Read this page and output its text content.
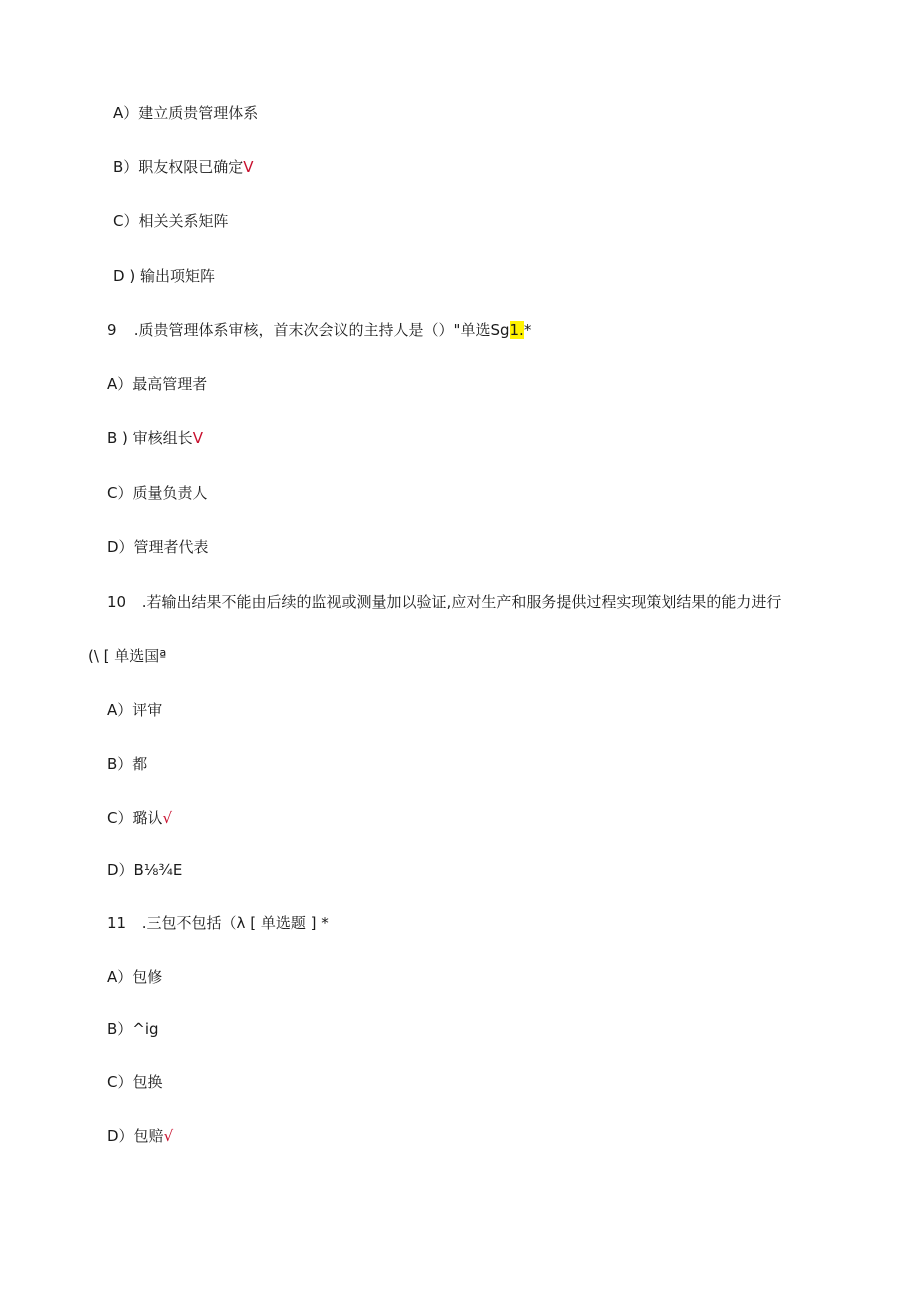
A）建立质贵管理体系
B）职友权限已确定V
C）相关关系矩阵
D ) 输出项矩阵
9 .质贵管理体系审核，首末次会议的主持人是（）"单选Sg1.*
A）最高管理者
B ) 审核组长V
C）质量负责人
D）管理者代表
10 .若输出结果不能由后续的监视或测量加以验证,应对生产和服务提供过程实现策划结果的能力进行
(\ [ 单选国ª
A）评审
B）都
C）璐认√
D）B⅛¾E
11 .三包不包括（λ [ 单选题 ] *
A）包修
B）^ig
C）包换
D）包赔√
